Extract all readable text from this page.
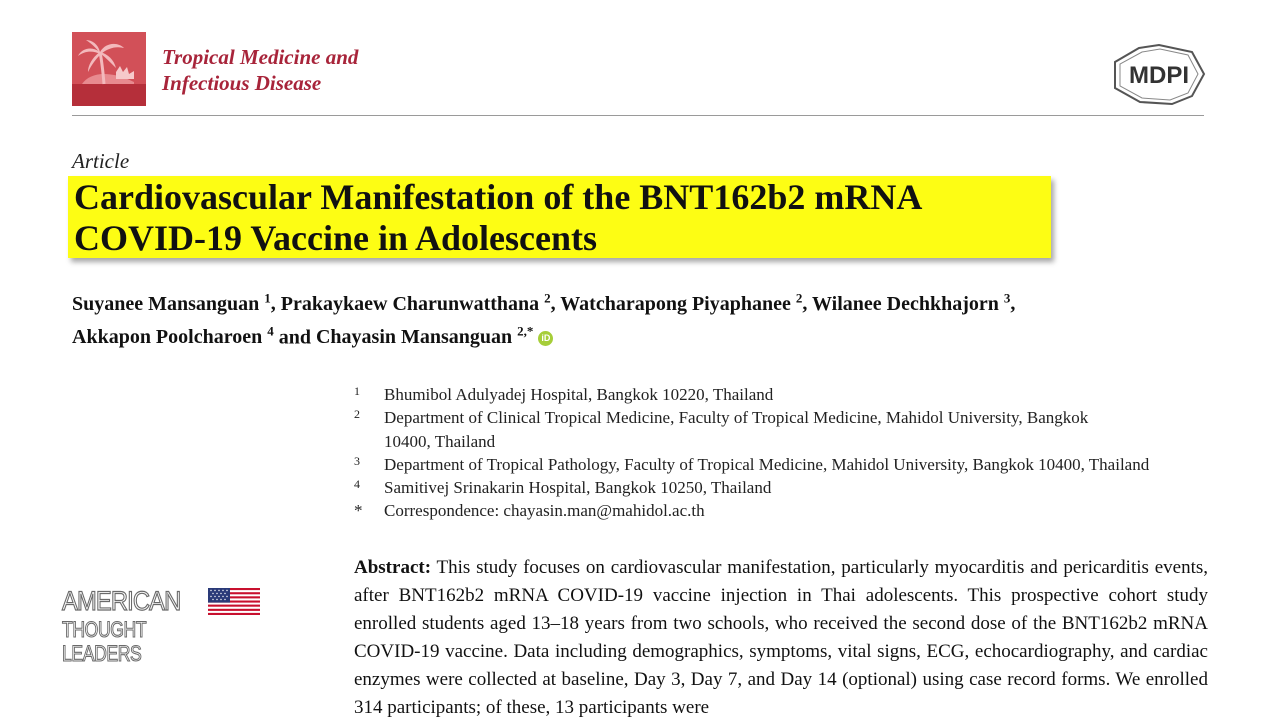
Tropical Medicine and
Infectious Disease	MDPI
Article
Cardiovascular Manifestation of the BNT162b2 mRNA COVID-19 Vaccine in Adolescents
Suyanee Mansanguan $^1$, Prakaykaew Charunwatthana $^2$, Watcharapong Piyaphanee $^2$, Wilanee Dechkhajorn $^3$,
Akkapon Poolcharoen $^4$ and Chayasin Mansanguan $^{2,*}$ iD
1	Bhumibol Adulyadej Hospital, Bangkok 10220, Thailand
2	Department of Clinical Tropical Medicine, Faculty of Tropical Medicine, Mahidol University, Bangkok 10400, Thailand
3	Department of Tropical Pathology, Faculty of Tropical Medicine, Mahidol University, Bangkok 10400, Thailand
4	Samitivej Srinakarin Hospital, Bangkok 10250, Thailand
*	Correspondence: chayasin.man@mahidol.ac.th
Abstract: This study focuses on cardiovascular manifestation, particularly myocarditis and pericarditis events, after BNT162b2 mRNA COVID-19 vaccine injection in Thai adolescents. This prospective cohort study enrolled students aged 13–18 years from two schools, who received the second dose of the BNT162b2 mRNA COVID-19 vaccine. Data including demographics, symptoms, vital signs, ECG, echocardiography, and cardiac enzymes were collected at baseline, Day 3, Day 7, and Day 14 (optional) using case record forms. We enrolled 314 participants; of these, 13 participants were
AMERICAN
THOUGHT LEADERS
